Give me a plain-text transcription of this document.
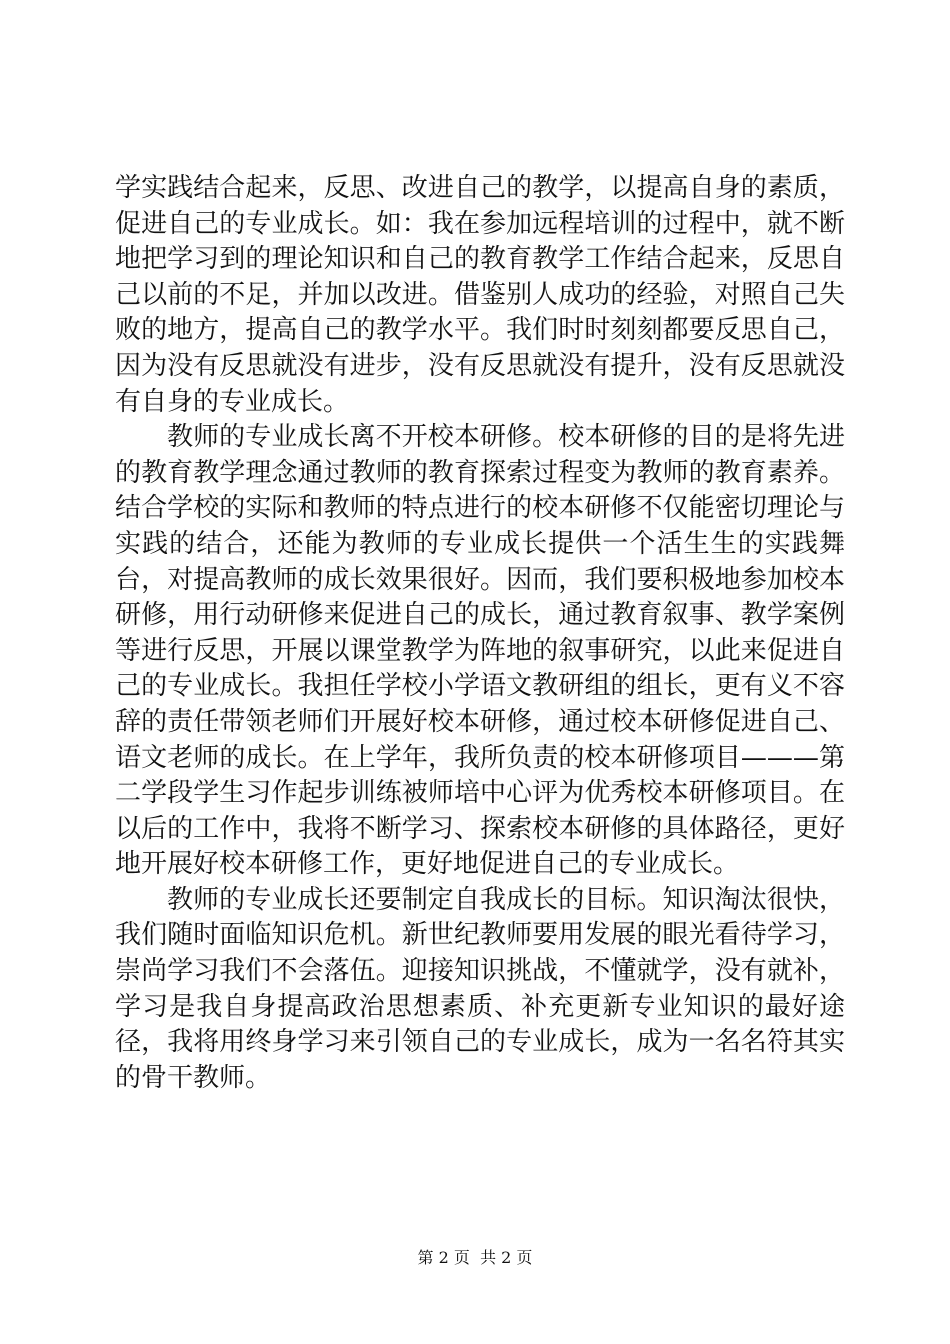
学实践结合起来，反思、改进自己的教学，以提高自身的素质，促进自己的专业成长。如：我在参加远程培训的过程中，就不断地把学习到的理论知识和自己的教育教学工作结合起来，反思自己以前的不足，并加以改进。借鉴别人成功的经验，对照自己失败的地方，提高自己的教学水平。我们时时刻刻都要反思自己，因为没有反思就没有进步，没有反思就没有提升，没有反思就没有自身的专业成长。

教师的专业成长离不开校本研修。校本研修的目的是将先进的教育教学理念通过教师的教育探索过程变为教师的教育素养。结合学校的实际和教师的特点进行的校本研修不仅能密切理论与实践的结合，还能为教师的专业成长提供一个活生生的实践舞台，对提高教师的成长效果很好。因而，我们要积极地参加校本研修，用行动研修来促进自己的成长，通过教育叙事、教学案例等进行反思，开展以课堂教学为阵地的叙事研究，以此来促进自己的专业成长。我担任学校小学语文教研组的组长，更有义不容辞的责任带领老师们开展好校本研修，通过校本研修促进自己、语文老师的成长。在上学年，我所负责的校本研修项目———第二学段学生习作起步训练被师培中心评为优秀校本研修项目。在以后的工作中，我将不断学习、探索校本研修的具体路径，更好地开展好校本研修工作，更好地促进自己的专业成长。

教师的专业成长还要制定自我成长的目标。知识淘汰很快，我们随时面临知识危机。新世纪教师要用发展的眼光看待学习，崇尚学习我们不会落伍。迎接知识挑战，不懂就学，没有就补，学习是我自身提高政治思想素质、补充更新专业知识的最好途径，我将用终身学习来引领自己的专业成长，成为一名名符其实的骨干教师。

第 2 页  共 2 页
